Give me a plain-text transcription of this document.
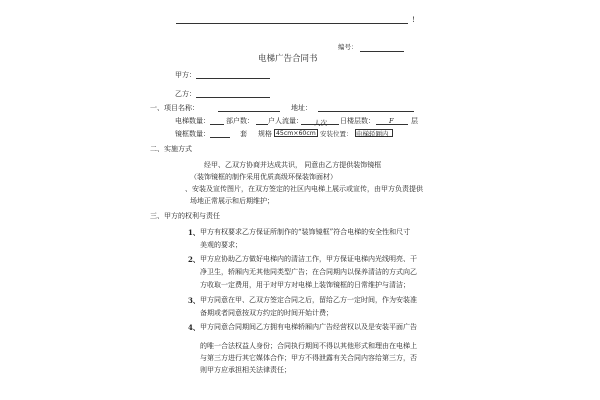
!
编号：
电梯广告合同书
甲方：
乙方：
一、项目名称：	地址：
电梯数量： 部户数： 户人流量： 人次 日楼层数： F 层
镜框数量：	套 规格 45cm×60cm 安装位置： 电梯轿厢内
二、实施方式
经甲、乙双方协商并达成共识， 同意由乙方提供装饰镜框
（装饰镜框的制作采用优质高级环保装饰面材）
、安装及宣传图片，在双方签定的社区内电梯上展示或宣传，由甲方负责提供
场地正常展示和后期维护；
三、甲方的权利与责任
1、 甲方有权要求乙方保证所制作的“装饰镜框”符合电梯的安全性和尺寸
美观的要求；
2、 甲方应协助乙方做好电梯内的清洁工作，甲方保证电梯内光线明亮、干
净卫生，轿厢内无其他同类型广告；在合同期内以保养清洁的方式向乙
方收取一定费用，用于对甲方对电梯上装饰镜框的日常维护与清洁；
3、 甲方同意在甲、乙双方签定合同之后，留给乙方一定时间，作为安装准
备期或者同意按双方约定的时间开始计费；
4、 甲方同意合同期间乙方拥有电梯轿厢内广告经营权以及是安装平面广告
的唯一合法权益人身份；合同执行期间不得以其他形式和理由在电梯上
与第三方进行其它媒体合作；甲方不得泄露有关合同内容给第三方，否
则甲方应承担相关法律责任；
